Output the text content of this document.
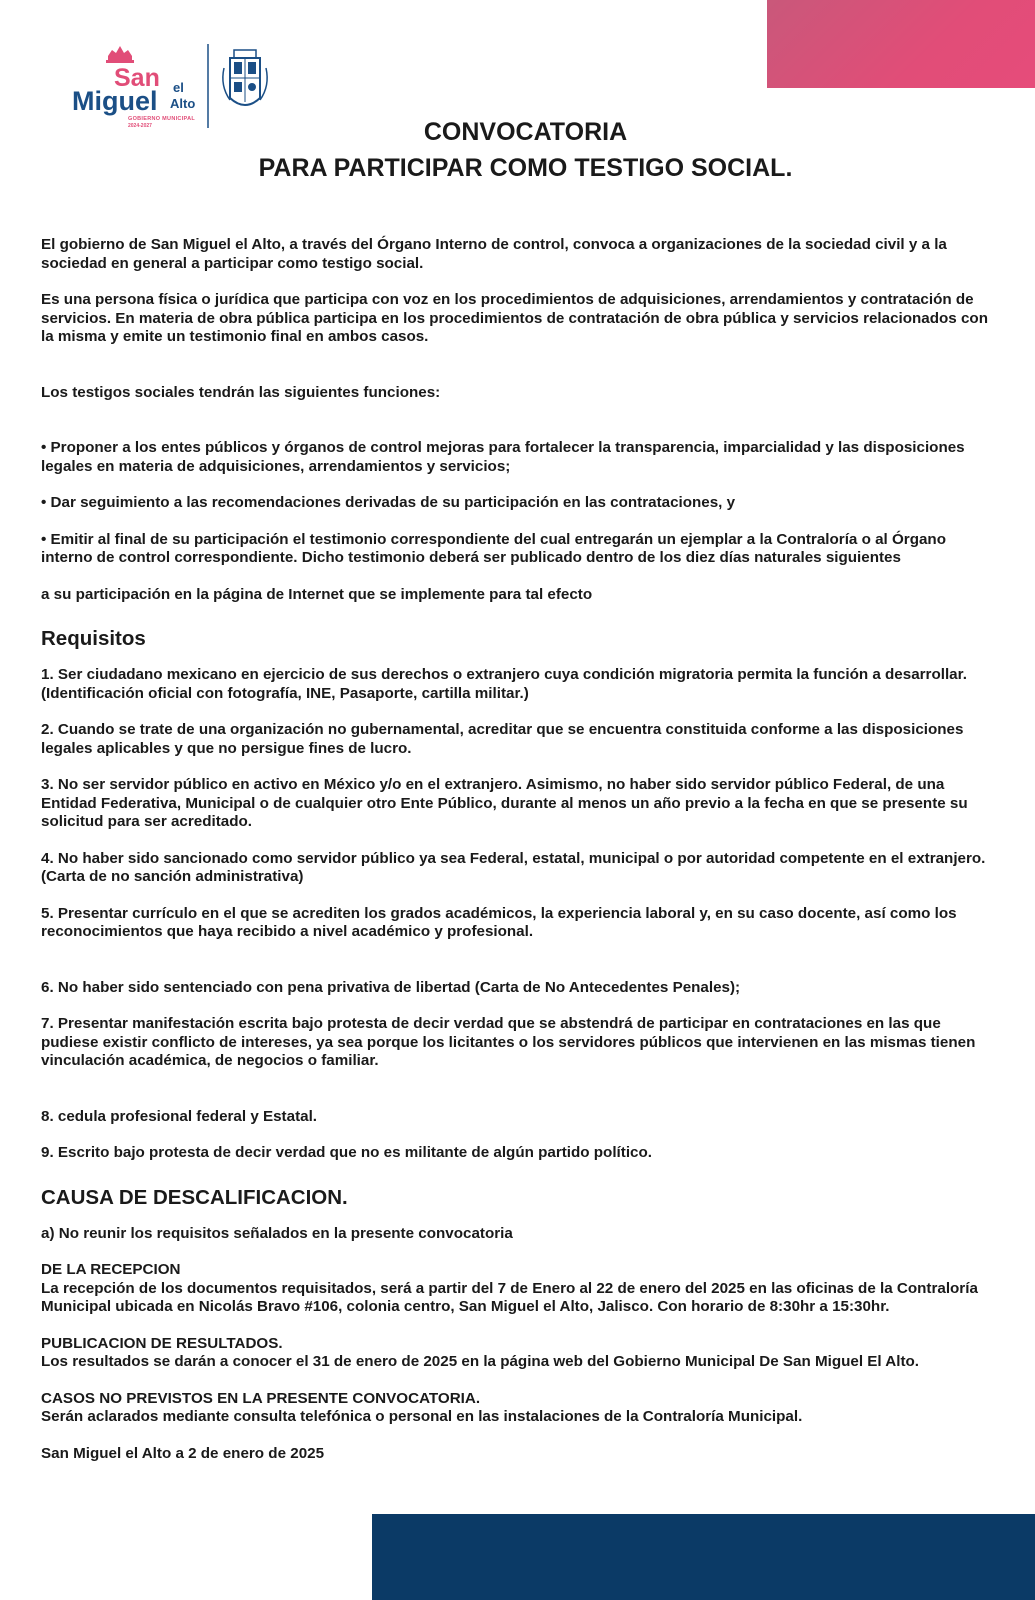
San
Miguel el
Alto
GOBIERNO MUNICIPAL
2024-2027	CONVOCATORIA
PARA PARTICIPAR COMO TESTIGO SOCIAL.

El gobierno de San Miguel el Alto, a través del Órgano Interno de control, convoca a organizaciones de la sociedad civil y a la sociedad en general a participar como testigo social.

Es una persona física o jurídica que participa con voz en los procedimientos de adquisiciones, arrendamientos y contratación de servicios. En materia de obra pública participa en los procedimientos de contratación de obra pública y servicios relacionados con la misma y emite un testimonio final en ambos casos.

Los testigos sociales tendrán las siguientes funciones:

• Proponer a los entes públicos y órganos de control mejoras para fortalecer la transparencia, imparcialidad y las disposiciones legales en materia de adquisiciones, arrendamientos y servicios;

• Dar seguimiento a las recomendaciones derivadas de su participación en las contrataciones, y

• Emitir al final de su participación el testimonio correspondiente del cual entregarán un ejemplar a la Contraloría o al Órgano interno de control correspondiente. Dicho testimonio deberá ser publicado dentro de los diez días naturales siguientes

a su participación en la página de Internet que se implemente para tal efecto

Requisitos

1. Ser ciudadano mexicano en ejercicio de sus derechos o extranjero cuya condición migratoria permita la función a desarrollar. (Identificación oficial con fotografía, INE, Pasaporte, cartilla militar.)

2. Cuando se trate de una organización no gubernamental, acreditar que se encuentra constituida conforme a las disposiciones legales aplicables y que no persigue fines de lucro.

3. No ser servidor público en activo en México y/o en el extranjero. Asimismo, no haber sido servidor público Federal, de una Entidad Federativa, Municipal o de cualquier otro Ente Público, durante al menos un año previo a la fecha en que se presente su solicitud para ser acreditado.

4. No haber sido sancionado como servidor público ya sea Federal, estatal, municipal o por autoridad competente en el extranjero. (Carta de no sanción administrativa)

5. Presentar currículo en el que se acrediten los grados académicos, la experiencia laboral y, en su caso docente, así como los reconocimientos que haya recibido a nivel académico y profesional.

6. No haber sido sentenciado con pena privativa de libertad (Carta de No Antecedentes Penales);

7. Presentar manifestación escrita bajo protesta de decir verdad que se abstendrá de participar en contrataciones en las que pudiese existir conflicto de intereses, ya sea porque los licitantes o los servidores públicos que intervienen en las mismas tienen vinculación académica, de negocios o familiar.

8. cedula profesional federal y Estatal.

9. Escrito bajo protesta de decir verdad que no es militante de algún partido político.

CAUSA DE DESCALIFICACION.

a) No reunir los requisitos señalados en la presente convocatoria

DE LA RECEPCION

La recepción de los documentos requisitados, será a partir del 7 de Enero al 22 de enero del 2025 en las oficinas de la Contraloría Municipal ubicada en Nicolás Bravo #106, colonia centro, San Miguel el Alto, Jalisco. Con horario de 8:30hr a 15:30hr.

PUBLICACION DE RESULTADOS.

Los resultados se darán a conocer el 31 de enero de 2025 en la página web del Gobierno Municipal De San Miguel El Alto.

CASOS NO PREVISTOS EN LA PRESENTE CONVOCATORIA.

Serán aclarados mediante consulta telefónica o personal en las instalaciones de la Contraloría Municipal.

San Miguel el Alto a 2 de enero de 2025
